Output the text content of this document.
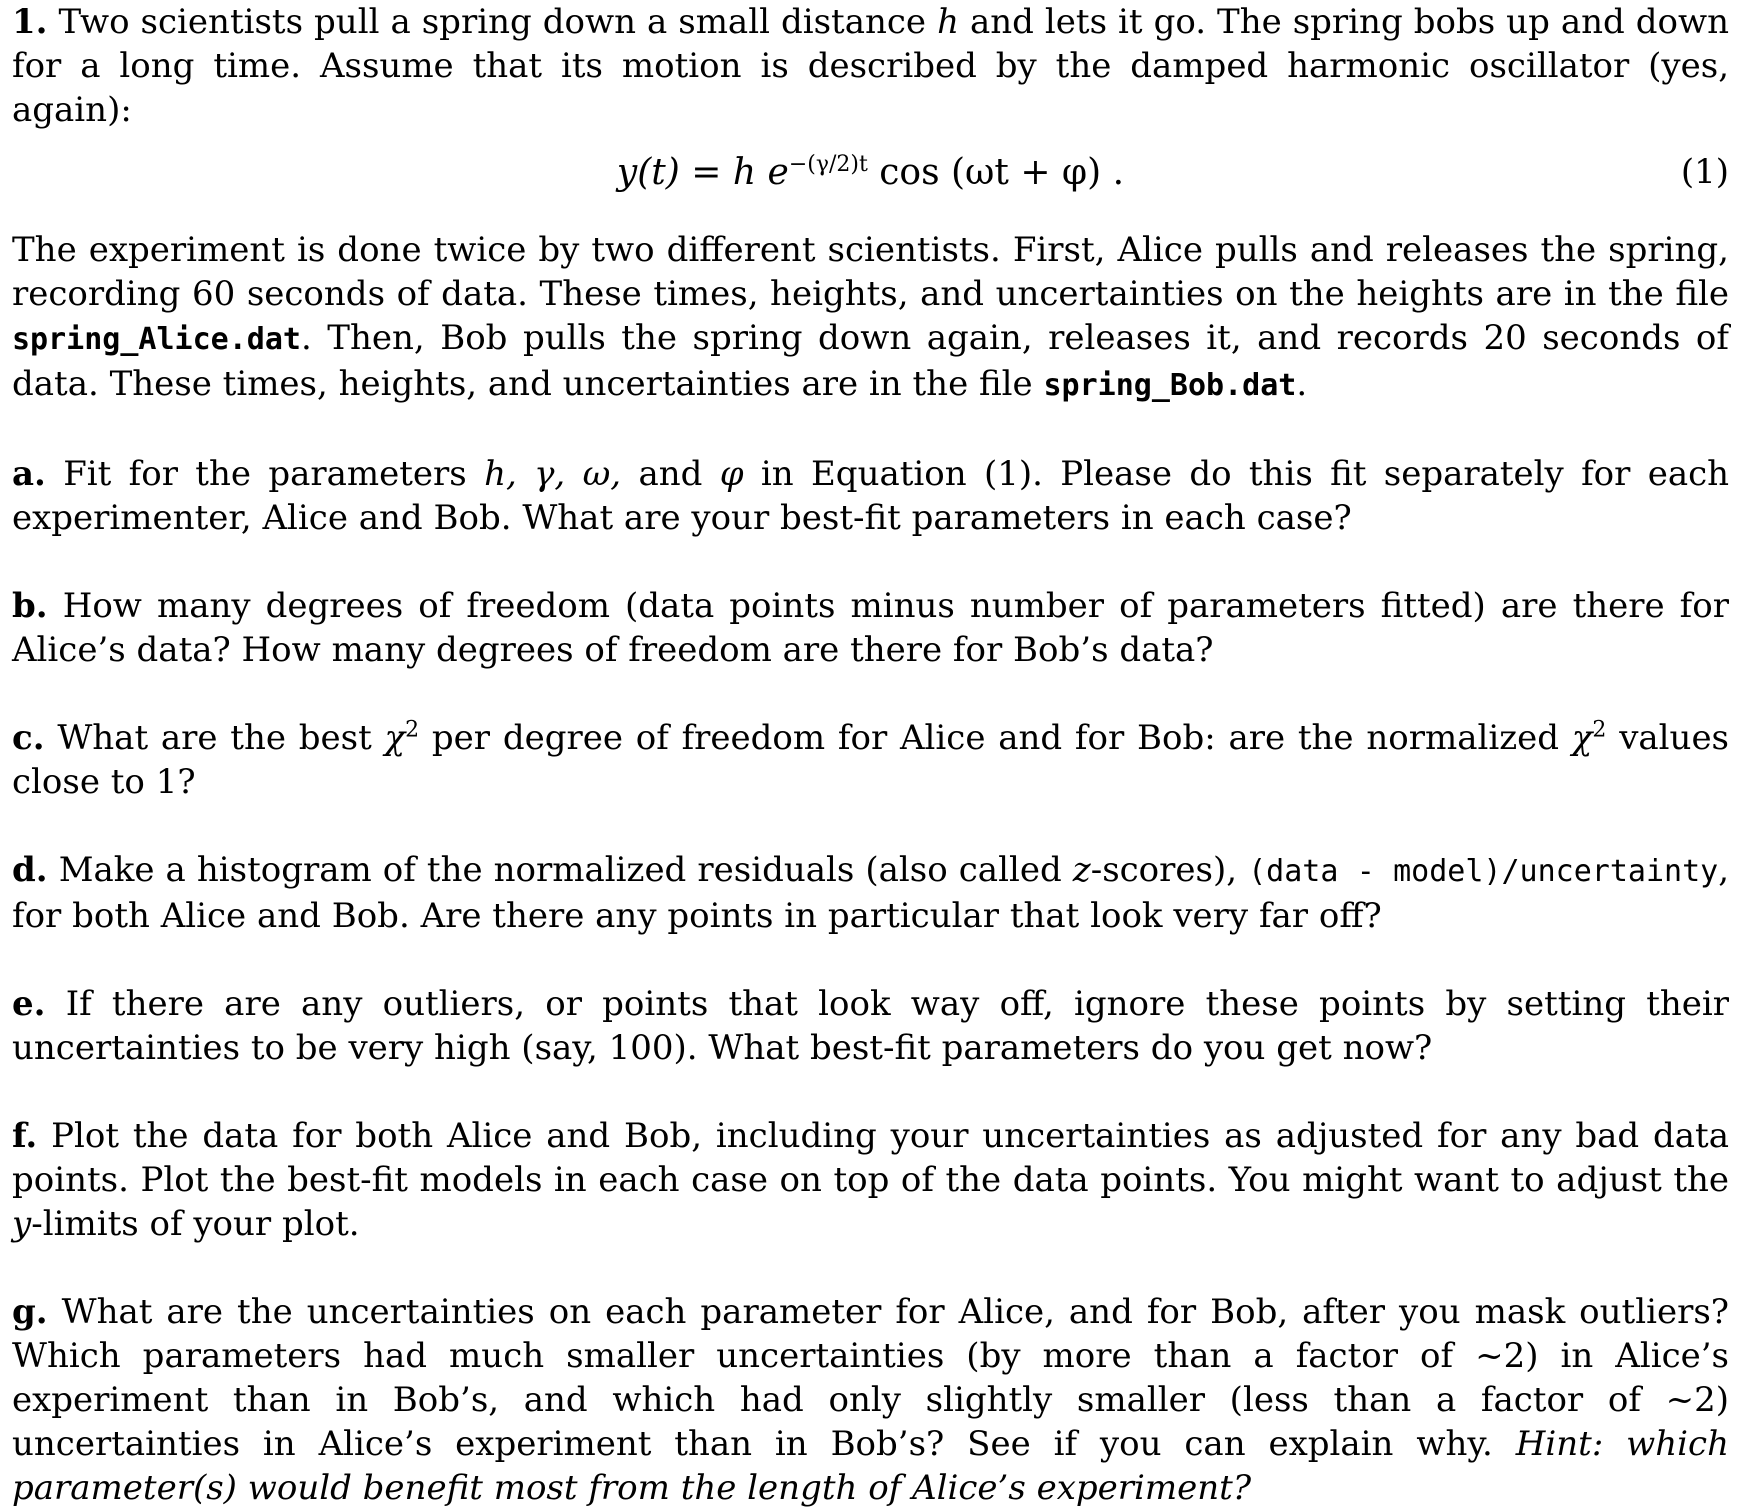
1. Two scientists pull a spring down a small distance h and lets it go. The spring bobs up and down for a long time. Assume that its motion is described by the damped harmonic oscillator (yes, again):

y(t) = h $e^{-(\gamma/2)t}$ cos (ωt + φ) .	(1)

The experiment is done twice by two different scientists. First, Alice pulls and releases the spring, recording 60 seconds of data. These times, heights, and uncertainties on the heights are in the file spring_Alice.dat. Then, Bob pulls the spring down again, releases it, and records 20 seconds of data. These times, heights, and uncertainties are in the file spring_Bob.dat.

a. Fit for the parameters h, γ, ω, and φ in Equation (1). Please do this fit separately for each experimenter, Alice and Bob. What are your best-fit parameters in each case?

b. How many degrees of freedom (data points minus number of parameters fitted) are there for Alice’s data? How many degrees of freedom are there for Bob’s data?

c. What are the best $\chi^2$ per degree of freedom for Alice and for Bob: are the normalized $\chi^2$ values close to 1?

d. Make a histogram of the normalized residuals (also called z-scores), (data - model)/uncertainty, for both Alice and Bob. Are there any points in particular that look very far off?

e. If there are any outliers, or points that look way off, ignore these points by setting their uncertainties to be very high (say, 100). What best-fit parameters do you get now?

f. Plot the data for both Alice and Bob, including your uncertainties as adjusted for any bad data points. Plot the best-fit models in each case on top of the data points. You might want to adjust the y-limits of your plot.

g. What are the uncertainties on each parameter for Alice, and for Bob, after you mask outliers? Which parameters had much smaller uncertainties (by more than a factor of ~2) in Alice’s experiment than in Bob’s, and which had only slightly smaller (less than a factor of ~2) uncertainties in Alice’s experiment than in Bob’s? See if you can explain why. Hint: which parameter(s) would benefit most from the length of Alice’s experiment?
